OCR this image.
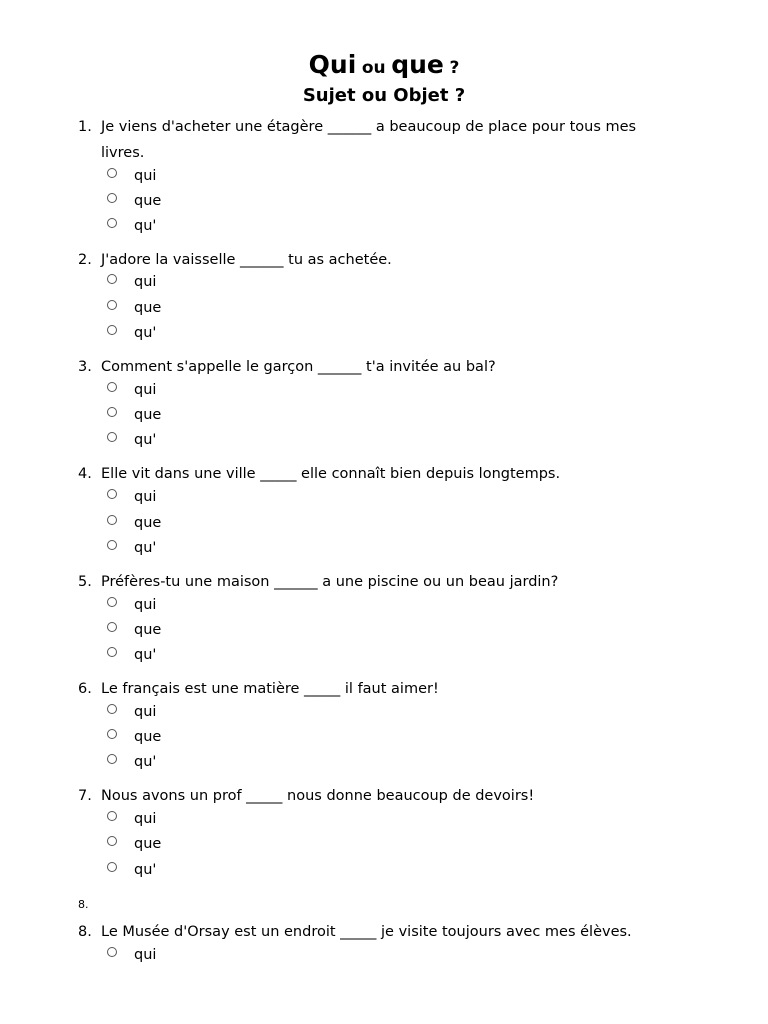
Qui ou que ?
Sujet ou Objet ?
1. Je viens d'acheter une étagère ______ a beaucoup de place pour tous mes
livres.
qui
que
qu'
2. J'adore la vaisselle ______ tu as achetée.
qui
que
qu'
3. Comment s'appelle le garçon ______ t'a invitée au bal?
qui
que
qu'
4. Elle vit dans une ville _____ elle connaît bien depuis longtemps.
qui
que
qu'
5. Préfères-tu une maison ______ a une piscine ou un beau jardin?
qui
que
qu'
6. Le français est une matière _____ il faut aimer!
qui
que
qu'
7. Nous avons un prof _____ nous donne beaucoup de devoirs!
qui
que
qu'
8.
8. Le Musée d'Orsay est un endroit _____ je visite toujours avec mes élèves.
qui
